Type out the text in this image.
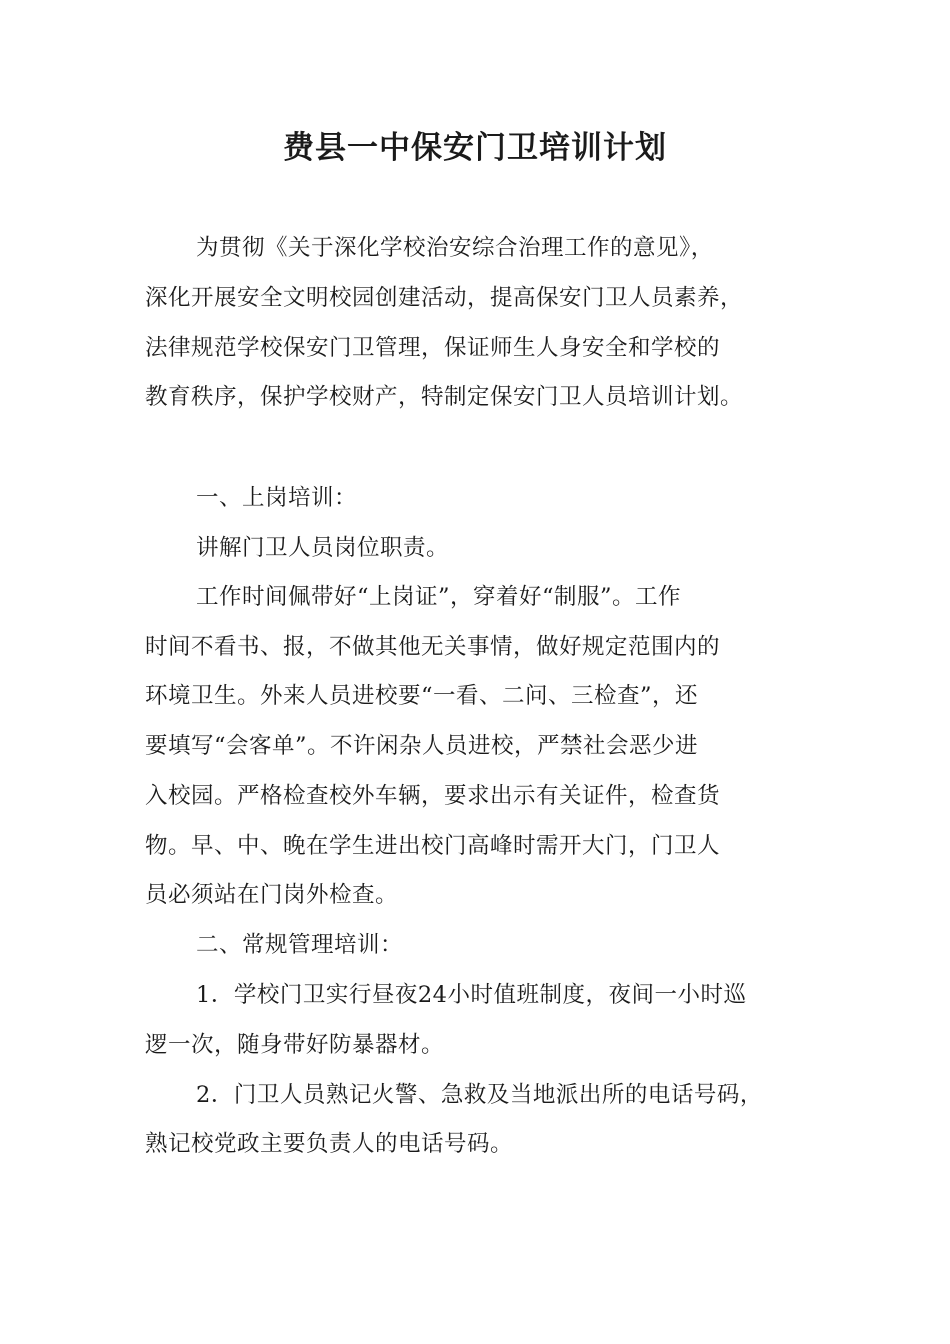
费县一中保安门卫培训计划
为贯彻《关于深化学校治安综合治理工作的意见》，
深化开展安全文明校园创建活动，提高保安门卫人员素养，
法律规范学校保安门卫管理，保证师生人身安全和学校的
教育秩序，保护学校财产，特制定保安门卫人员培训计划。
一、上岗培训：
讲解门卫人员岗位职责。
工作时间佩带好“上岗证”，穿着好“制服”。工作
时间不看书、报，不做其他无关事情，做好规定范围内的
环境卫生。外来人员进校要“一看、二问、三检查”，还
要填写“会客单”。不许闲杂人员进校，严禁社会恶少进
入校园。严格检查校外车辆，要求出示有关证件，检查货
物。早、中、晚在学生进出校门高峰时需开大门，门卫人
员必须站在门岗外检查。
二、常规管理培训：
1．学校门卫实行昼夜24小时值班制度，夜间一小时巡
逻一次，随身带好防暴器材。
2．门卫人员熟记火警、急救及当地派出所的电话号码，
熟记校党政主要负责人的电话号码。
